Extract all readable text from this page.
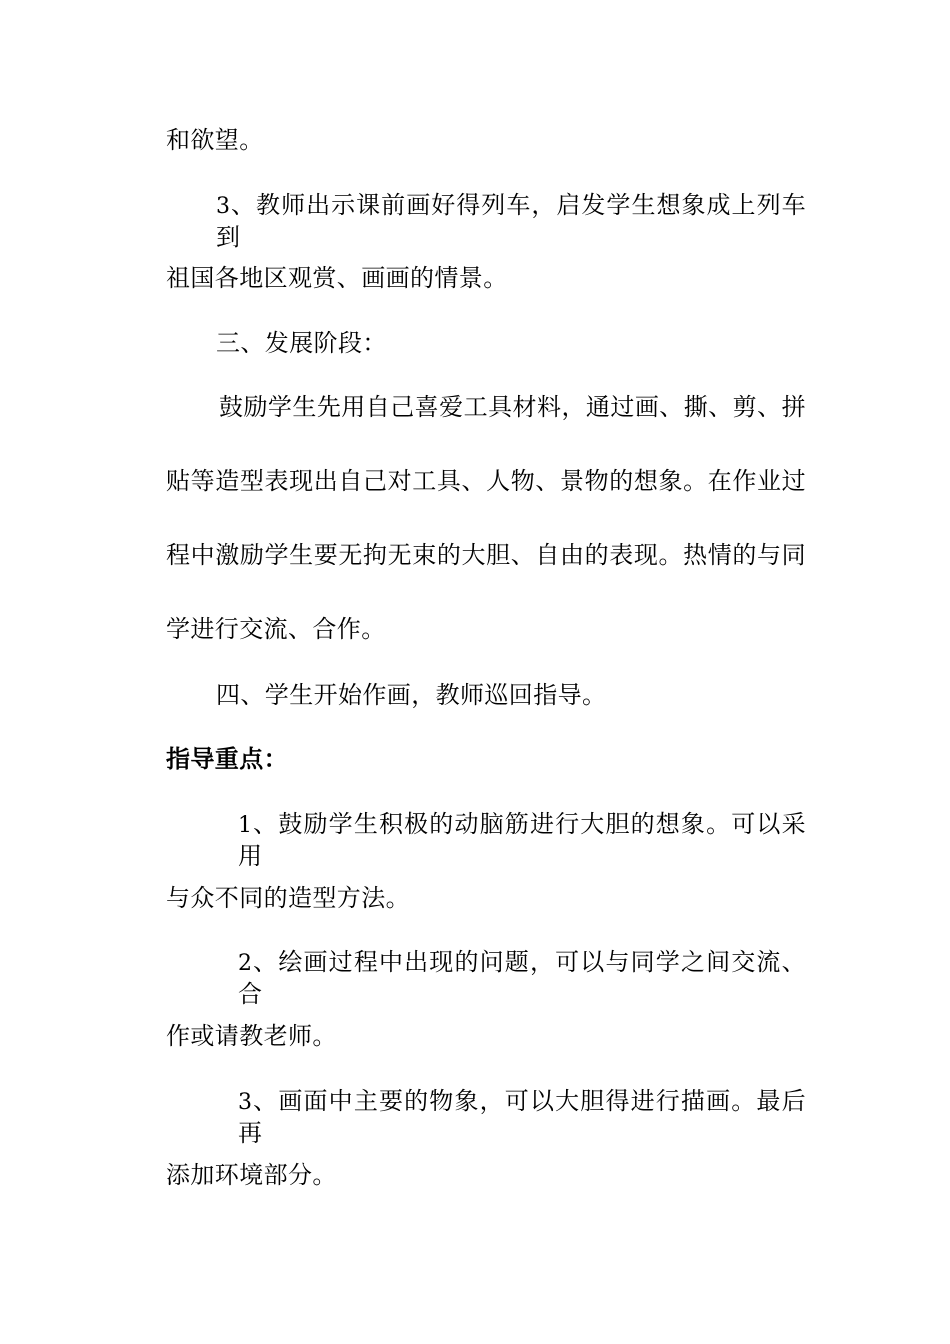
和欲望。
3、教师出示课前画好得列车，启发学生想象成上列车到
祖国各地区观赏、画画的情景。
三、发展阶段：
鼓励学生先用自己喜爱工具材料，通过画、撕、剪、拼
贴等造型表现出自己对工具、人物、景物的想象。在作业过
程中激励学生要无拘无束的大胆、自由的表现。热情的与同
学进行交流、合作。
四、学生开始作画，教师巡回指导。
指导重点：
1、鼓励学生积极的动脑筋进行大胆的想象。可以采用
与众不同的造型方法。
2、绘画过程中出现的问题，可以与同学之间交流、合
作或请教老师。
3、画面中主要的物象，可以大胆得进行描画。最后再
添加环境部分。
